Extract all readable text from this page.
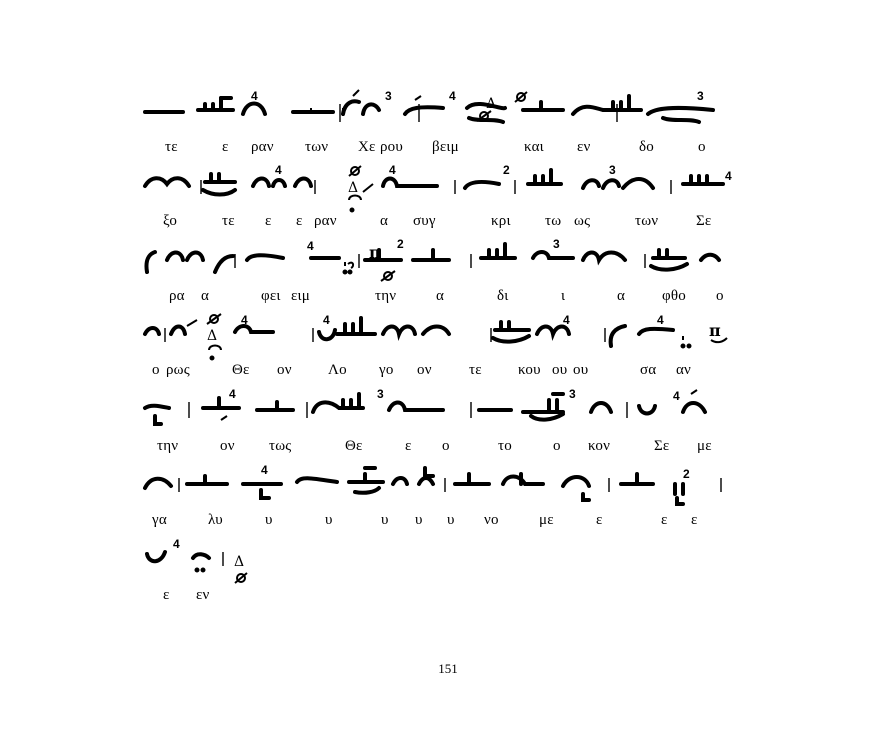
4	3	4	3
Δ
τε	ε ραν των Χε ρου βειμ	και εν	δο	ο
4	4	2	3	4
Δ
ξο	τε ε ε ραν	α συγ	κρι τω ως	των	Σε
4	2	3
π
ρα α	φει ειμ	την	α	δι	ι	α φθο ο
4	4	4	4
Δ	π
ο ρως	Θε ον Λο γο ον τε κου ου ου	σα αν
4	3	3	4
την	ον τως	Θε	ε ο	το	ο κον	Σε με
4	2
γα	λυ	υ	υ	υ υ υ νο	με	ε	ε ε
4
Δ
ε εν
151
